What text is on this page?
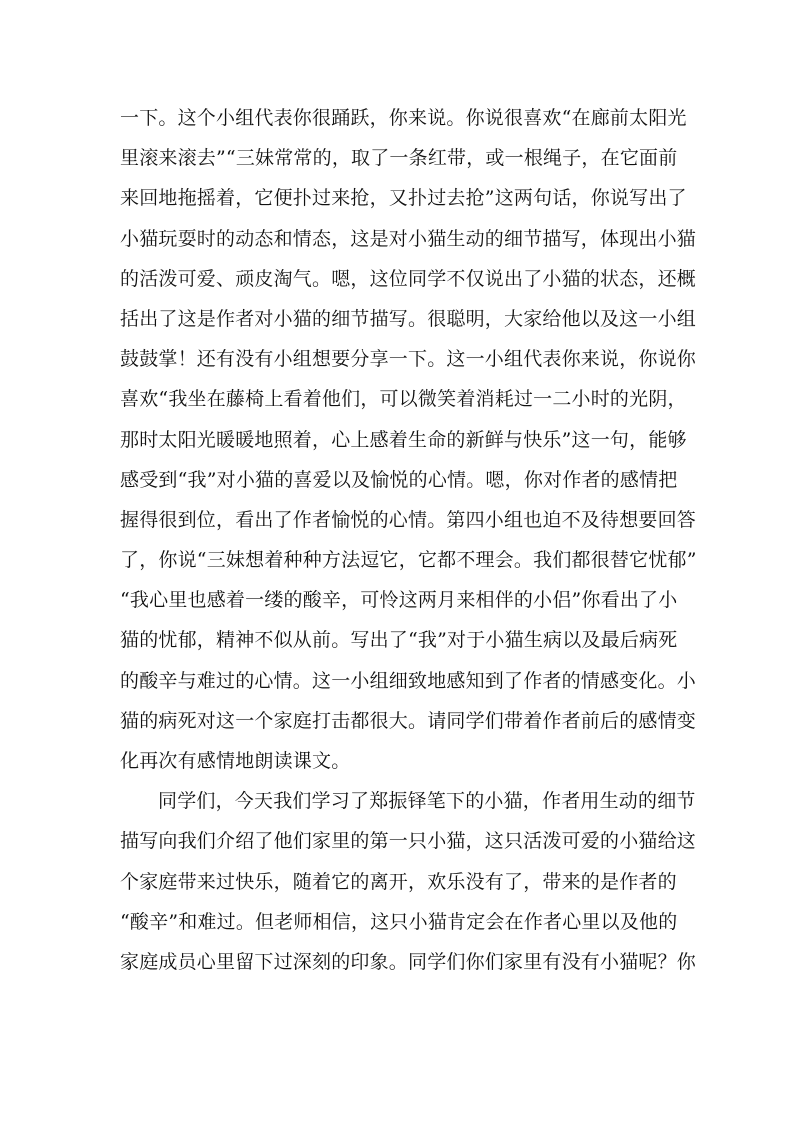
一下。这个小组代表你很踊跃，你来说。你说很喜欢“在廊前太阳光
里滚来滚去”“三妹常常的，取了一条红带，或一根绳子，在它面前
来回地拖摇着，它便扑过来抢，又扑过去抢”这两句话，你说写出了
小猫玩耍时的动态和情态，这是对小猫生动的细节描写，体现出小猫
的活泼可爱、顽皮淘气。嗯，这位同学不仅说出了小猫的状态，还概
括出了这是作者对小猫的细节描写。很聪明，大家给他以及这一小组
鼓鼓掌！还有没有小组想要分享一下。这一小组代表你来说，你说你
喜欢“我坐在藤椅上看着他们，可以微笑着消耗过一二小时的光阴，
那时太阳光暖暖地照着，心上感着生命的新鲜与快乐”这一句，能够
感受到“我”对小猫的喜爱以及愉悦的心情。嗯，你对作者的感情把
握得很到位，看出了作者愉悦的心情。第四小组也迫不及待想要回答
了，你说“三妹想着种种方法逗它，它都不理会。我们都很替它忧郁”
“我心里也感着一缕的酸辛，可怜这两月来相伴的小侣”你看出了小
猫的忧郁，精神不似从前。写出了“我”对于小猫生病以及最后病死
的酸辛与难过的心情。这一小组细致地感知到了作者的情感变化。小
猫的病死对这一个家庭打击都很大。请同学们带着作者前后的感情变
化再次有感情地朗读课文。
同学们，今天我们学习了郑振铎笔下的小猫，作者用生动的细节
描写向我们介绍了他们家里的第一只小猫，这只活泼可爱的小猫给这
个家庭带来过快乐，随着它的离开，欢乐没有了，带来的是作者的
“酸辛”和难过。但老师相信，这只小猫肯定会在作者心里以及他的
家庭成员心里留下过深刻的印象。同学们你们家里有没有小猫呢？你
